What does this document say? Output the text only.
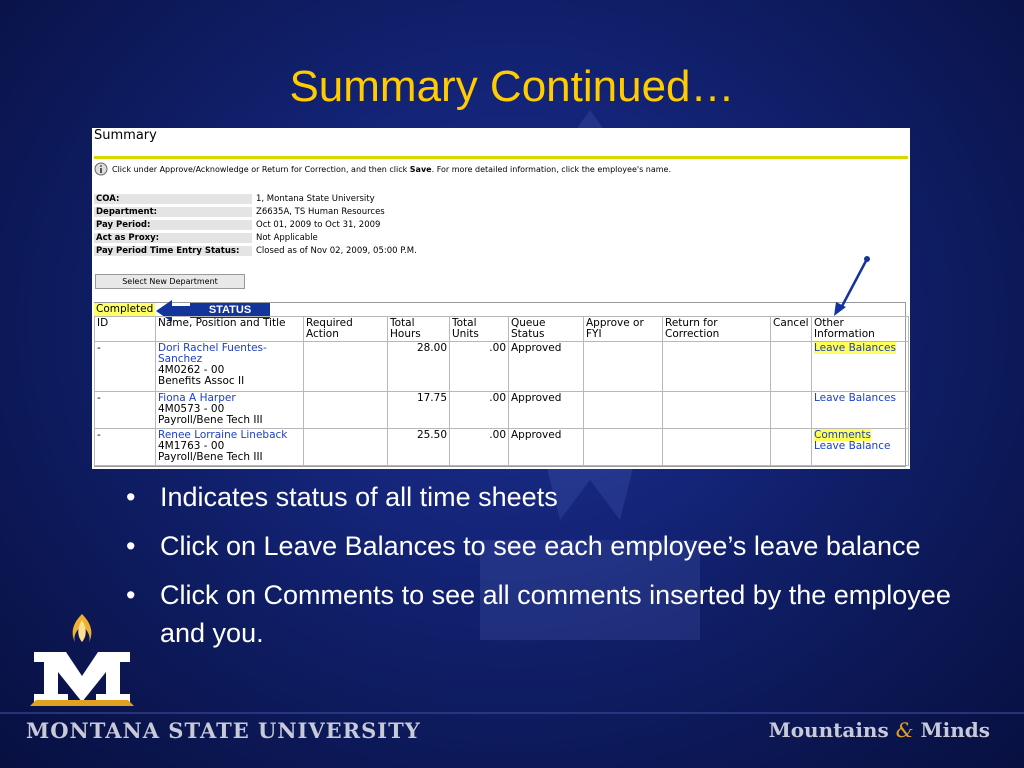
Summary Continued…
Summary
Click under Approve/Acknowledge or Return for Correction, and then click Save. For more detailed information, click the employee's name.
COA:	1, Montana State University
Department:	Z6635A, TS Human Resources
Pay Period:	Oct 01, 2009 to Oct 31, 2009
Act as Proxy:	Not Applicable
Pay Period Time Entry Status: Closed as of Nov 02, 2009, 05:00 P.M.
Select New Department
Completed	STATUS
ID	Name, Position and Title	Required Action	Total Hours	Total Units	Queue Status	Approve or FYI	Return for Correction	Cancel	Other Information
-	Dori Rachel Fuentes-Sanchez
4M0262 - 00
Benefits Assoc II		28.00	.00	Approved				Leave Balances
-	Fiona A Harper
4M0573 - 00
Payroll/Bene Tech III		17.75	.00	Approved				Leave Balances
-	Renee Lorraine Lineback
4M1763 - 00
Payroll/Bene Tech III		25.50	.00	Approved				Comments
Leave Balance
• Indicates status of all time sheets
• Click on Leave Balances to see each employee’s leave balance
• Click on Comments to see all comments inserted by the employee and you.
MONTANA STATE UNIVERSITY	Mountains & Minds
